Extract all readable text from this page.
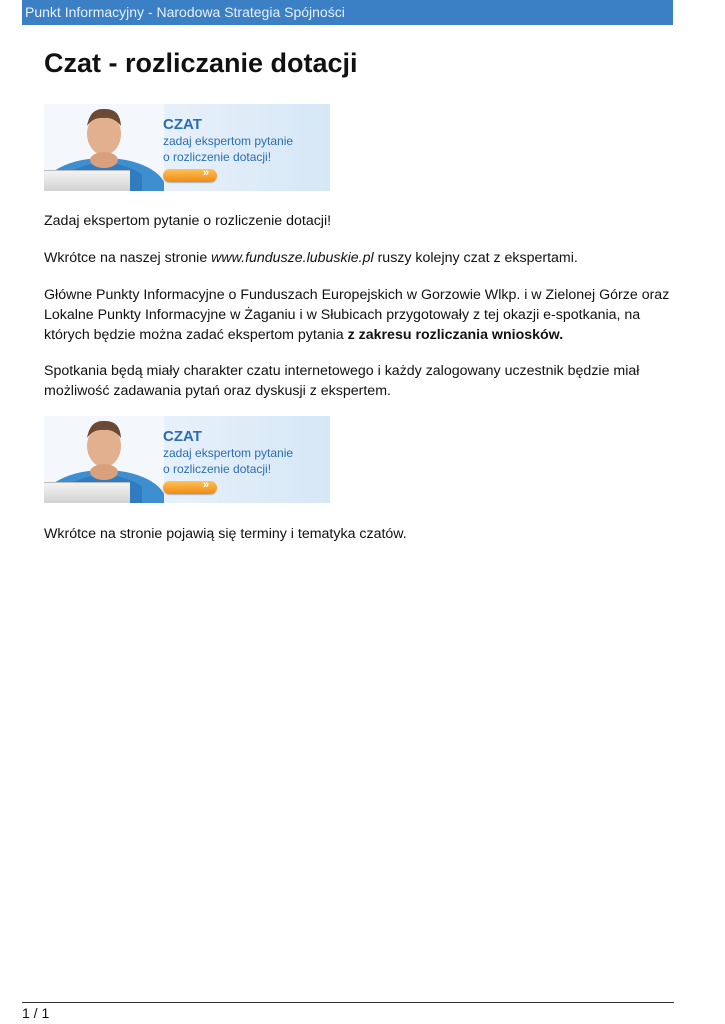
Punkt Informacyjny - Narodowa Strategia Spójności
Czat - rozliczanie dotacji
CZAT
zadaj ekspertom pytanie
o rozliczenie dotacji!
»

Zadaj ekspertom pytanie o rozliczenie dotacji!

Wkrótce na naszej stronie www.fundusze.lubuskie.pl ruszy kolejny czat z ekspertami.

Główne Punkty Informacyjne o Funduszach Europejskich w Gorzowie Wlkp. i w Zielonej Górze oraz Lokalne Punkty Informacyjne w Żaganiu i w Słubicach przygotowały z tej okazji e-spotkania, na których będzie można zadać ekspertom pytania z zakresu rozliczania wniosków.

Spotkania będą miały charakter czatu internetowego i każdy zalogowany uczestnik będzie miał możliwość zadawania pytań oraz dyskusji z ekspertem.

CZAT
zadaj ekspertom pytanie
o rozliczenie dotacji!
»

Wkrótce na stronie pojawią się terminy i tematyka czatów.

1 / 1
